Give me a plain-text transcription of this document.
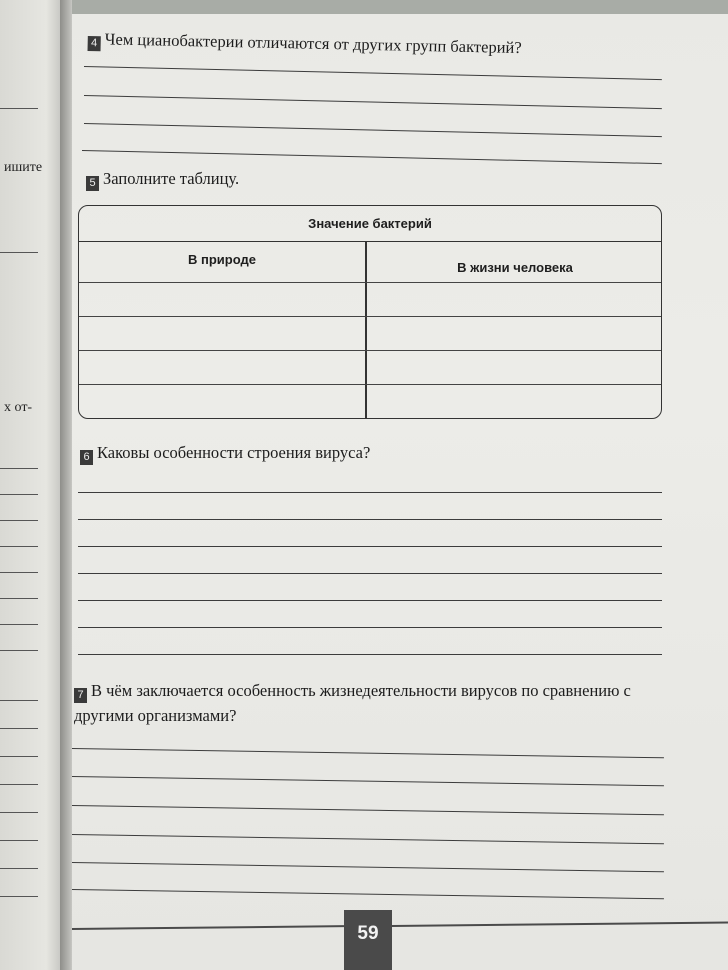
ишите
х от-
4 Чем цианобактерии отличаются от других групп бактерий?
5 Заполните таблицу.
Значение бактерий
В природе
В жизни человека
6 Каковы особенности строения вируса?
7 В чём заключается особенность жизнедеятельности вирусов по сравнению с другими организмами?
59
